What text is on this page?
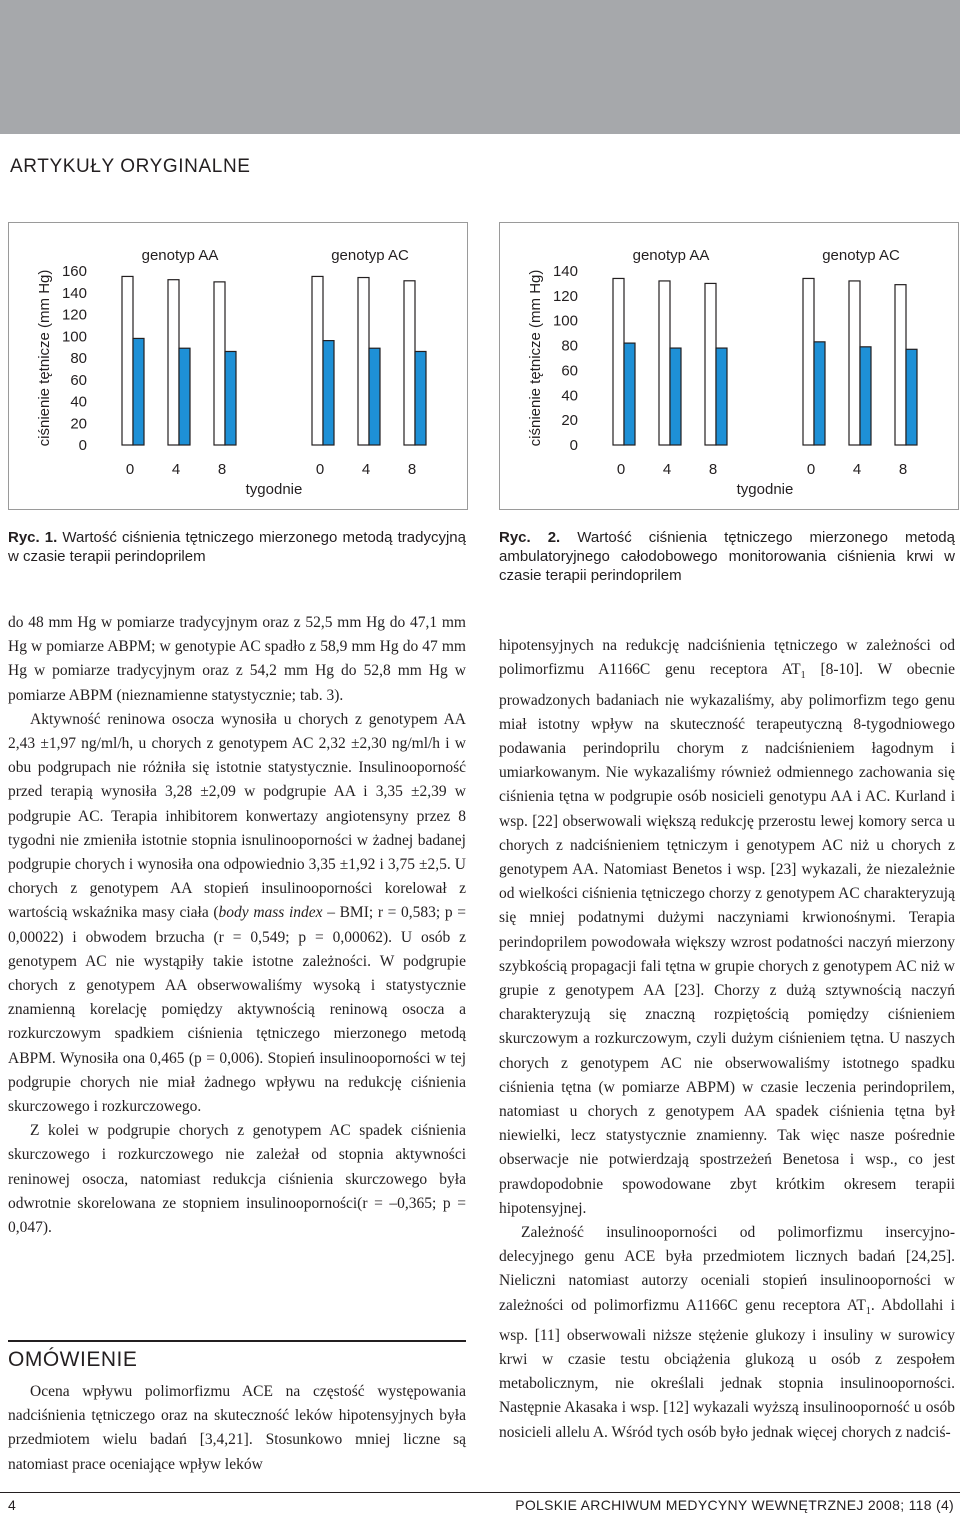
ARTYKUŁY ORYGINALNE
ciśnienie tętnicze (mm Hg) 160
140
120
100
80
60
40
20
0
genotyp AA	genotyp AC
0	4	8	0	4	8
tygodnie
ciśnienie tętnicze (mm Hg) 140
120
100
80
60
40
20
0
genotyp AA	genotyp AC
0	4	8	0	4	8
tygodnie
Ryc. 1. Wartość ciśnienia tętniczego mierzonego metodą tradycyjną w czasie terapii perindoprilem
Ryc. 2. Wartość ciśnienia tętniczego mierzonego metodą ambulatoryjnego całodobowego monitorowania ciśnienia krwi w czasie terapii perindoprilem

do 48 mm Hg w pomiarze tradycyjnym oraz z 52,5 mm Hg do 47,1 mm Hg w pomiarze ABPM; w genotypie AC spadło z 58,9 mm Hg do 47 mm Hg w pomiarze tradycyjnym oraz z 54,2 mm Hg do 52,8 mm Hg w pomiarze ABPM (nieznamienne statystycznie; tab. 3).

Aktywność reninowa osocza wynosiła u chorych z genotypem AA 2,43 ±1,97 ng/ml/h, u chorych z genotypem AC 2,32 ±2,30 ng/ml/h i w obu podgrupach nie różniła się istotnie statystycznie. Insulinooporność przed terapią wynosiła 3,28 ±2,09 w podgrupie AA i 3,35 ±2,39 w podgrupie AC. Terapia inhibitorem konwertazy angiotensyny przez 8 tygodni nie zmieniła istotnie stopnia isnulinooporności w żadnej badanej podgrupie chorych i wynosiła ona odpowiednio 3,35 ±1,92 i 3,75 ±2,5. U chorych z genotypem AA stopień insulinooporności korelował z wartością wskaźnika masy ciała (body mass index – BMI; r = 0,583; p = 0,00022) i obwodem brzucha (r = 0,549; p = 0,00062). U osób z genotypem AC nie wystąpiły takie istotne zależności. W podgrupie chorych z genotypem AA obserwowaliśmy wysoką i statystycznie znamienną korelację pomiędzy aktywnością reninową osocza a rozkurczowym spadkiem ciśnienia tętniczego mierzonego metodą ABPM. Wynosiła ona 0,465 (p = 0,006). Stopień insulinooporności w tej podgrupie chorych nie miał żadnego wpływu na redukcję ciśnienia skurczowego i rozkurczowego.

Z kolei w podgrupie chorych z genotypem AC spadek ciśnienia skurczowego i rozkurczowego nie zależał od stopnia aktywności reninowej osocza, natomiast redukcja ciśnienia skurczowego była odwrotnie skorelowana ze stopniem insulinooporności(r = –0,365; p = 0,047).

OMÓWIENIE

Ocena wpływu polimorfizmu ACE na częstość występowania nadciśnienia tętniczego oraz na skuteczność leków hipotensyjnych była przedmiotem wielu badań [3,4,21]. Stosunkowo mniej liczne są natomiast prace oceniające wpływ leków

hipotensyjnych na redukcję nadciśnienia tętniczego w zależności od polimorfizmu A1166C genu receptora $AT_1$ [8-10]. W obecnie prowadzonych badaniach nie wykazaliśmy, aby polimorfizm tego genu miał istotny wpływ na skuteczność terapeutyczną 8-tygodniowego podawania perindoprilu chorym z nadciśnieniem łagodnym i umiarkowanym. Nie wykazaliśmy również odmiennego zachowania się ciśnienia tętna w podgrupie osób nosicieli genotypu AA i AC. Kurland i wsp. [22] obserwowali większą redukcję przerostu lewej komory serca u chorych z nadciśnieniem tętniczym i genotypem AC niż u chorych z genotypem AA. Natomiast Benetos i wsp. [23] wykazali, że niezależnie od wielkości ciśnienia tętniczego chorzy z genotypem AC charakteryzują się mniej podatnymi dużymi naczyniami krwionośnymi. Terapia perindoprilem powodowała większy wzrost podatności naczyń mierzony szybkością propagacji fali tętna w grupie chorych z genotypem AC niż w grupie z genotypem AA [23]. Chorzy z dużą sztywnością naczyń charakteryzują się znaczną rozpiętością pomiędzy ciśnieniem skurczowym a rozkurczowym, czyli dużym ciśnieniem tętna. U naszych chorych z genotypem AC nie obserwowaliśmy istotnego spadku ciśnienia tętna (w pomiarze ABPM) w czasie leczenia perindoprilem, natomiast u chorych z genotypem AA spadek ciśnienia tętna był niewielki, lecz statystycznie znamienny. Tak więc nasze pośrednie obserwacje nie potwierdzają spostrzeżeń Benetosa i wsp., co jest prawdopodobnie spowodowane zbyt krótkim okresem terapii hipotensyjnej.

Zależność insulinooporności od polimorfizmu insercyjno-delecyjnego genu ACE była przedmiotem licznych badań [24,25]. Nieliczni natomiast autorzy oceniali stopień insulinooporności w zależności od polimorfizmu A1166C genu receptora $AT_1$. Abdollahi i wsp. [11] obserwowali niższe stężenie glukozy i insuliny w surowicy krwi w czasie testu obciążenia glukozą u osób z zespołem metabolicznym, nie określali jednak stopnia insulinooporności. Następnie Akasaka i wsp. [12] wykazali wyższą insulinooporność u osób nosicieli allelu A. Wśród tych osób było jednak więcej chorych z nadciś-

4	POLSKIE ARCHIWUM MEDYCYNY WEWNĘTRZNEJ 2008; 118 (4)
